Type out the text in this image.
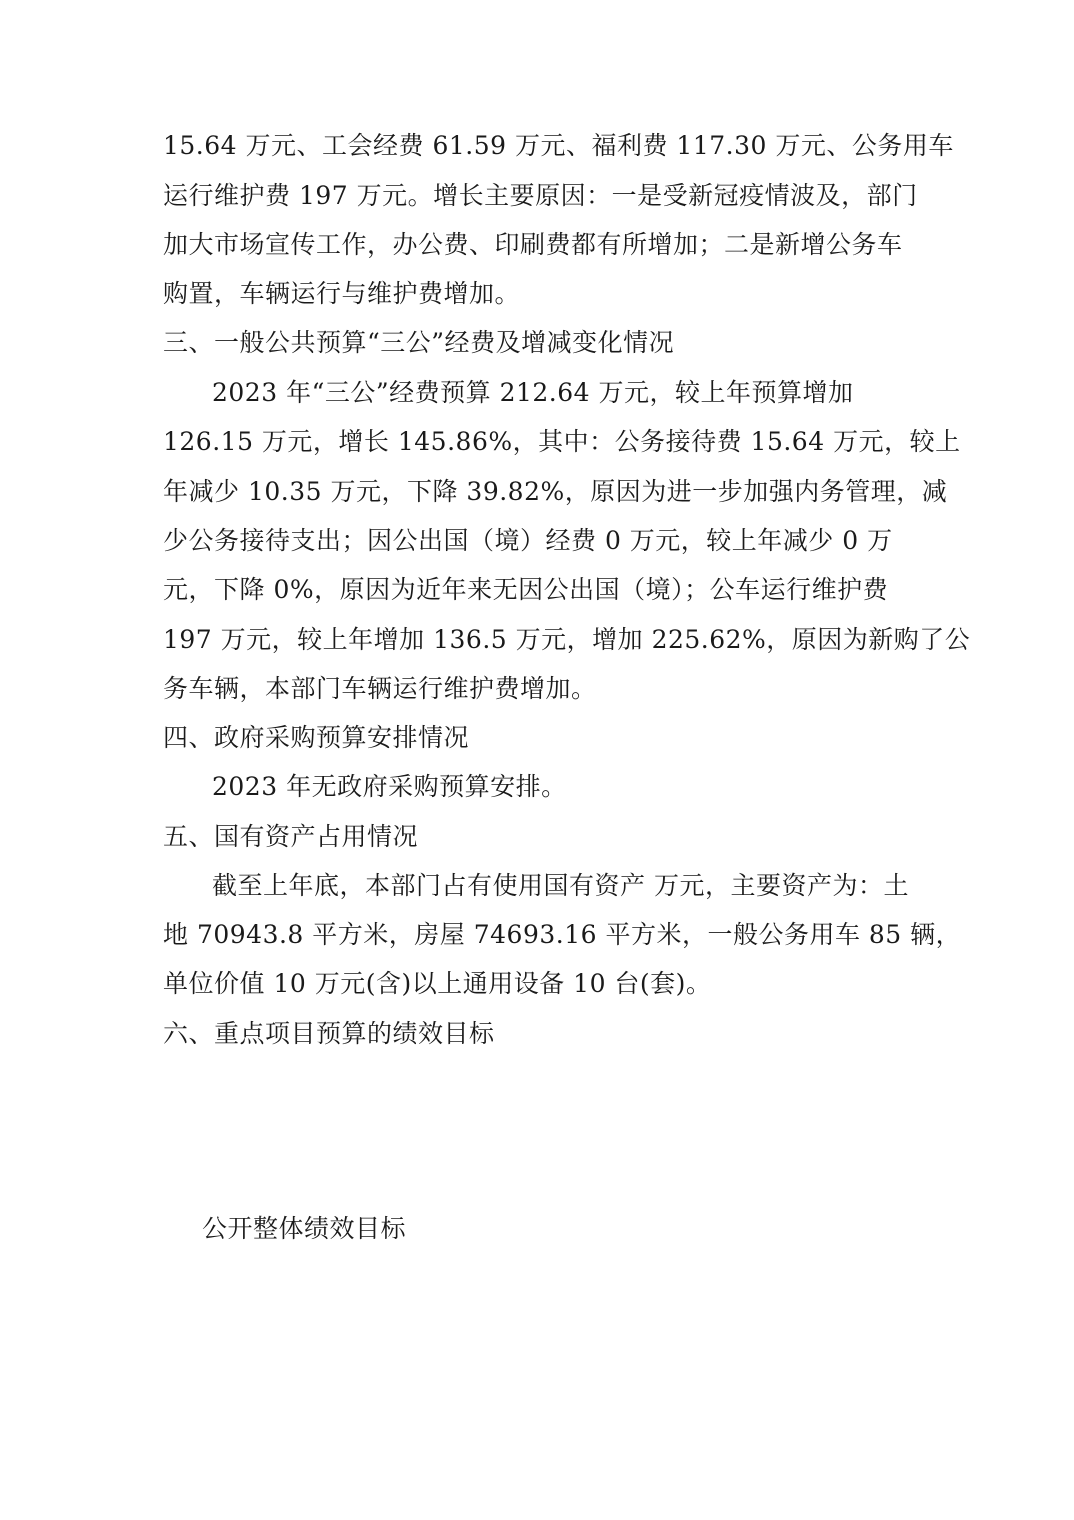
15.64 万元、工会经费 61.59 万元、福利费 117.30 万元、公务用车
运行维护费 197 万元。增长主要原因：一是受新冠疫情波及，部门
加大市场宣传工作，办公费、印刷费都有所增加；二是新增公务车
购置，车辆运行与维护费增加。
三、一般公共预算“三公”经费及增减变化情况
2023 年“三公”经费预算 212.64 万元，较上年预算增加
126.15 万元，增长 145.86%，其中：公务接待费 15.64 万元，较上
年减少 10.35 万元，下降 39.82%，原因为进一步加强内务管理，减
少公务接待支出；因公出国（境）经费 0 万元，较上年减少 0 万
元，下降 0%，原因为近年来无因公出国（境）；公车运行维护费
197 万元，较上年增加 136.5 万元，增加 225.62%，原因为新购了公
务车辆，本部门车辆运行维护费增加。
四、政府采购预算安排情况
2023 年无政府采购预算安排。
五、国有资产占用情况
截至上年底，本部门占有使用国有资产 万元，主要资产为：土
地 70943.8 平方米，房屋 74693.16 平方米，一般公务用车 85 辆，
单位价值 10 万元(含)以上通用设备 10 台(套)。
六、重点项目预算的绩效目标
公开整体绩效目标
